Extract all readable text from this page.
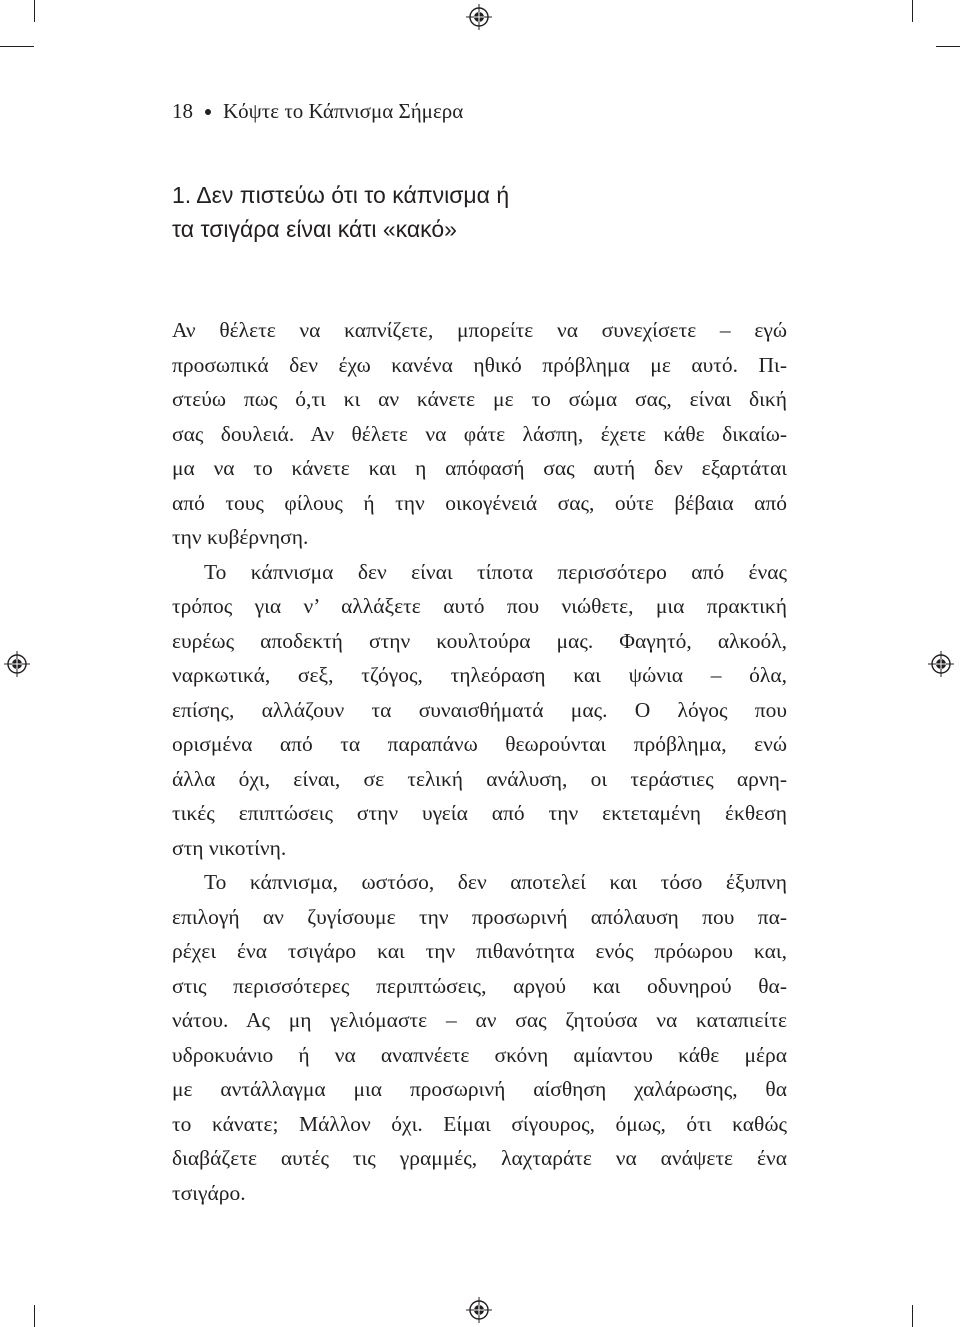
18 Κόψτε το Κάπνισμα Σήμερα
1. Δεν πιστεύω ότι το κάπνισμα ή
τα τσιγάρα είναι κάτι «κακό»
Αν θέλετε να καπνίζετε, μπορείτε να συνεχίσετε – εγώ
προσωπικά δεν έχω κανένα ηθικό πρόβλημα με αυτό. Πι-
στεύω πως ό,τι κι αν κάνετε με το σώμα σας, είναι δική
σας δουλειά. Αν θέλετε να φάτε λάσπη, έχετε κάθε δικαίω-
μα να το κάνετε και η απόφασή σας αυτή δεν εξαρτάται
από τους φίλους ή την οικογένειά σας, ούτε βέβαια από
την κυβέρνηση.
Το κάπνισμα δεν είναι τίποτα περισσότερο από ένας
τρόπος για ν’ αλλάξετε αυτό που νιώθετε, μια πρακτική
ευρέως αποδεκτή στην κουλτούρα μας. Φαγητό, αλκοόλ,
ναρκωτικά, σεξ, τζόγος, τηλεόραση και ψώνια – όλα,
επίσης, αλλάζουν τα συναισθήματά μας. Ο λόγος που
ορισμένα από τα παραπάνω θεωρούνται πρόβλημα, ενώ
άλλα όχι, είναι, σε τελική ανάλυση, οι τεράστιες αρνη-
τικές επιπτώσεις στην υγεία από την εκτεταμένη έκθεση
στη νικοτίνη.
Το κάπνισμα, ωστόσο, δεν αποτελεί και τόσο έξυπνη
επιλογή αν ζυγίσουμε την προσωρινή απόλαυση που πα-
ρέχει ένα τσιγάρο και την πιθανότητα ενός πρόωρου και,
στις περισσότερες περιπτώσεις, αργού και οδυνηρού θα-
νάτου. Ας μη γελιόμαστε – αν σας ζητούσα να καταπιείτε
υδροκυάνιο ή να αναπνέετε σκόνη αμίαντου κάθε μέρα
με αντάλλαγμα μια προσωρινή αίσθηση χαλάρωσης, θα
το κάνατε; Μάλλον όχι. Είμαι σίγουρος, όμως, ότι καθώς
διαβάζετε αυτές τις γραμμές, λαχταράτε να ανάψετε ένα
τσιγάρο.
